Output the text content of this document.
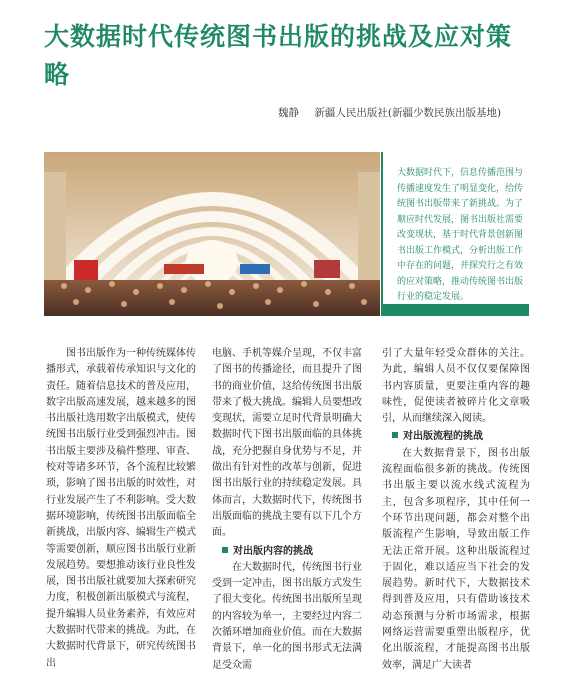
大数据时代传统图书出版的挑战及应对策略
魏静 新疆人民出版社(新疆少数民族出版基地)
大数据时代下，信息传播范围与传播速度发生了明显变化，给传统图书出版带来了新挑战。为了顺应时代发展，图书出版社需要改变现状，基于时代背景创新图书出版工作模式，分析出版工作中存在的问题，并探究行之有效的应对策略，推动传统图书出版行业的稳定发展。

图书出版作为一种传统媒体传播形式，承载着传承知识与文化的责任。随着信息技术的普及应用，数字出版高速发展，越来越多的图书出版社选用数字出版模式，使传统图书出版行业受到强烈冲击。图书出版主要涉及稿件整理、审查、校对等诸多环节，各个流程比较繁琐，影响了图书出版的时效性，对行业发展产生了不利影响。受大数据环境影响，传统图书出版面临全新挑战，出版内容、编辑生产模式等需要创新，顺应图书出版行业新发展趋势。要想推动该行业良性发展，图书出版社就要加大探索研究力度，积极创新出版模式与流程，提升编辑人员业务素养，有效应对大数据时代带来的挑战。为此，在大数据时代背景下，研究传统图书出

电脑、手机等媒介呈现，不仅丰富了图书的传播途径，而且提升了图书的商业价值，这给传统图书出版带来了极大挑战。编辑人员要想改变现状，需要立足时代背景明确大数据时代下图书出版面临的具体挑战，充分把握自身优势与不足，并做出有针对性的改革与创新，促进图书出版行业的持续稳定发展。具体而言，大数据时代下，传统图书出版面临的挑战主要有以下几个方面。

对出版内容的挑战

在大数据时代，传统图书行业受到一定冲击，图书出版方式发生了很大变化。传统图书出版所呈现的内容较为单一，主要经过内容二次循环增加商业价值。而在大数据背景下，单一化的图书形式无法满足受众需

引了大量年轻受众群体的关注。为此，编辑人员不仅仅要保障图书内容质量，更要注重内容的趣味性，促使读者被碎片化文章吸引，从而继续深入阅读。

对出版流程的挑战

在大数据背景下，图书出版流程面临很多新的挑战。传统图书出版主要以流水线式流程为主，包含多项程序，其中任何一个环节出现问题，都会对整个出版流程产生影响，导致出版工作无法正常开展。这种出版流程过于固化，难以适应当下社会的发展趋势。新时代下，大数据技术得到普及应用，只有借助该技术动态预测与分析市场需求，根据网络运营需要重塑出版程序，优化出版流程，才能提高图书出版效率，满足广大读者
